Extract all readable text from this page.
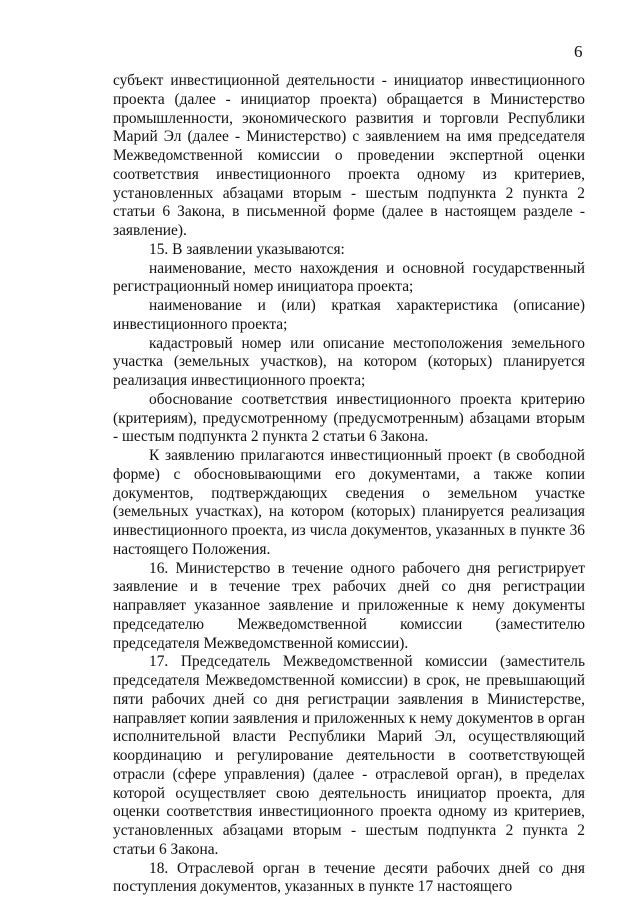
6

субъект инвестиционной деятельности - инициатор инвестиционного проекта (далее - инициатор проекта) обращается в Министерство промышленности, экономического развития и торговли Республики Марий Эл (далее - Министерство) с заявлением на имя председателя Межведомственной комиссии о проведении экспертной оценки соответствия инвестиционного проекта одному из критериев, установленных абзацами вторым - шестым подпункта 2 пункта 2 статьи 6 Закона, в письменной форме (далее в настоящем разделе - заявление).

15. В заявлении указываются:

наименование, место нахождения и основной государственный регистрационный номер инициатора проекта;

наименование и (или) краткая характеристика (описание) инвестиционного проекта;

кадастровый номер или описание местоположения земельного участка (земельных участков), на котором (которых) планируется реализация инвестиционного проекта;

обоснование соответствия инвестиционного проекта критерию (критериям), предусмотренному (предусмотренным) абзацами вторым - шестым подпункта 2 пункта 2 статьи 6 Закона.

К заявлению прилагаются инвестиционный проект (в свободной форме) с обосновывающими его документами, а также копии документов, подтверждающих сведения о земельном участке (земельных участках), на котором (которых) планируется реализация инвестиционного проекта, из числа документов, указанных в пункте 36 настоящего Положения.

16. Министерство в течение одного рабочего дня регистрирует заявление и в течение трех рабочих дней со дня регистрации направляет указанное заявление и приложенные к нему документы председателю Межведомственной комиссии (заместителю председателя Межведомственной комиссии).

17. Председатель Межведомственной комиссии (заместитель председателя Межведомственной комиссии) в срок, не превышающий пяти рабочих дней со дня регистрации заявления в Министерстве, направляет копии заявления и приложенных к нему документов в орган исполнительной власти Республики Марий Эл, осуществляющий координацию и регулирование деятельности в соответствующей отрасли (сфере управления) (далее - отраслевой орган), в пределах которой осуществляет свою деятельность инициатор проекта, для оценки соответствия инвестиционного проекта одному из критериев, установленных абзацами вторым - шестым подпункта 2 пункта 2 статьи 6 Закона.

18. Отраслевой орган в течение десяти рабочих дней со дня поступления документов, указанных в пункте 17 настоящего
